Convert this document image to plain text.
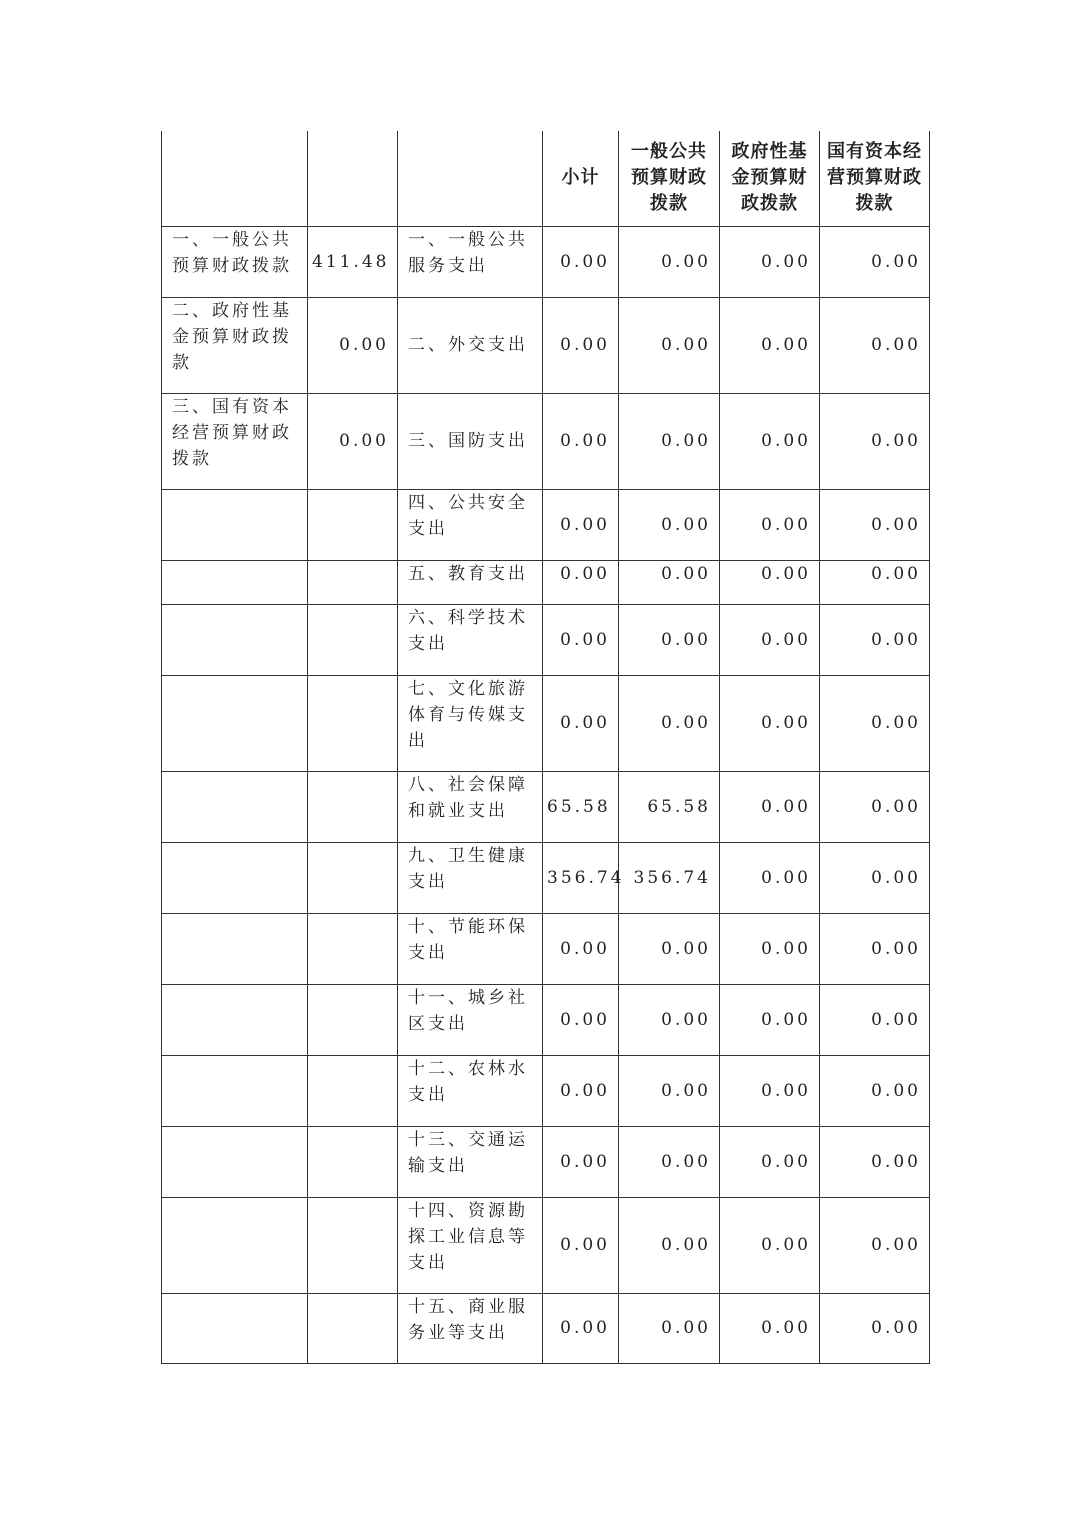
			小计	一般公共预算财政拨款	政府性基金预算财政拨款	国有资本经营预算财政拨款
一、一般公共预算财政拨款	411.48	一、一般公共服务支出	0.00	0.00	0.00	0.00
二、政府性基金预算财政拨款	0.00	二、外交支出	0.00	0.00	0.00	0.00
三、国有资本经营预算财政拨款	0.00	三、国防支出	0.00	0.00	0.00	0.00
		四、公共安全支出	0.00	0.00	0.00	0.00
		五、教育支出	0.00	0.00	0.00	0.00
		六、科学技术支出	0.00	0.00	0.00	0.00
		七、文化旅游体育与传媒支出	0.00	0.00	0.00	0.00
		八、社会保障和就业支出	65.58	65.58	0.00	0.00
		九、卫生健康支出	356.74	356.74	0.00	0.00
		十、节能环保支出	0.00	0.00	0.00	0.00
		十一、城乡社区支出	0.00	0.00	0.00	0.00
		十二、农林水支出	0.00	0.00	0.00	0.00
		十三、交通运输支出	0.00	0.00	0.00	0.00
		十四、资源勘探工业信息等支出	0.00	0.00	0.00	0.00
		十五、商业服务业等支出	0.00	0.00	0.00	0.00
